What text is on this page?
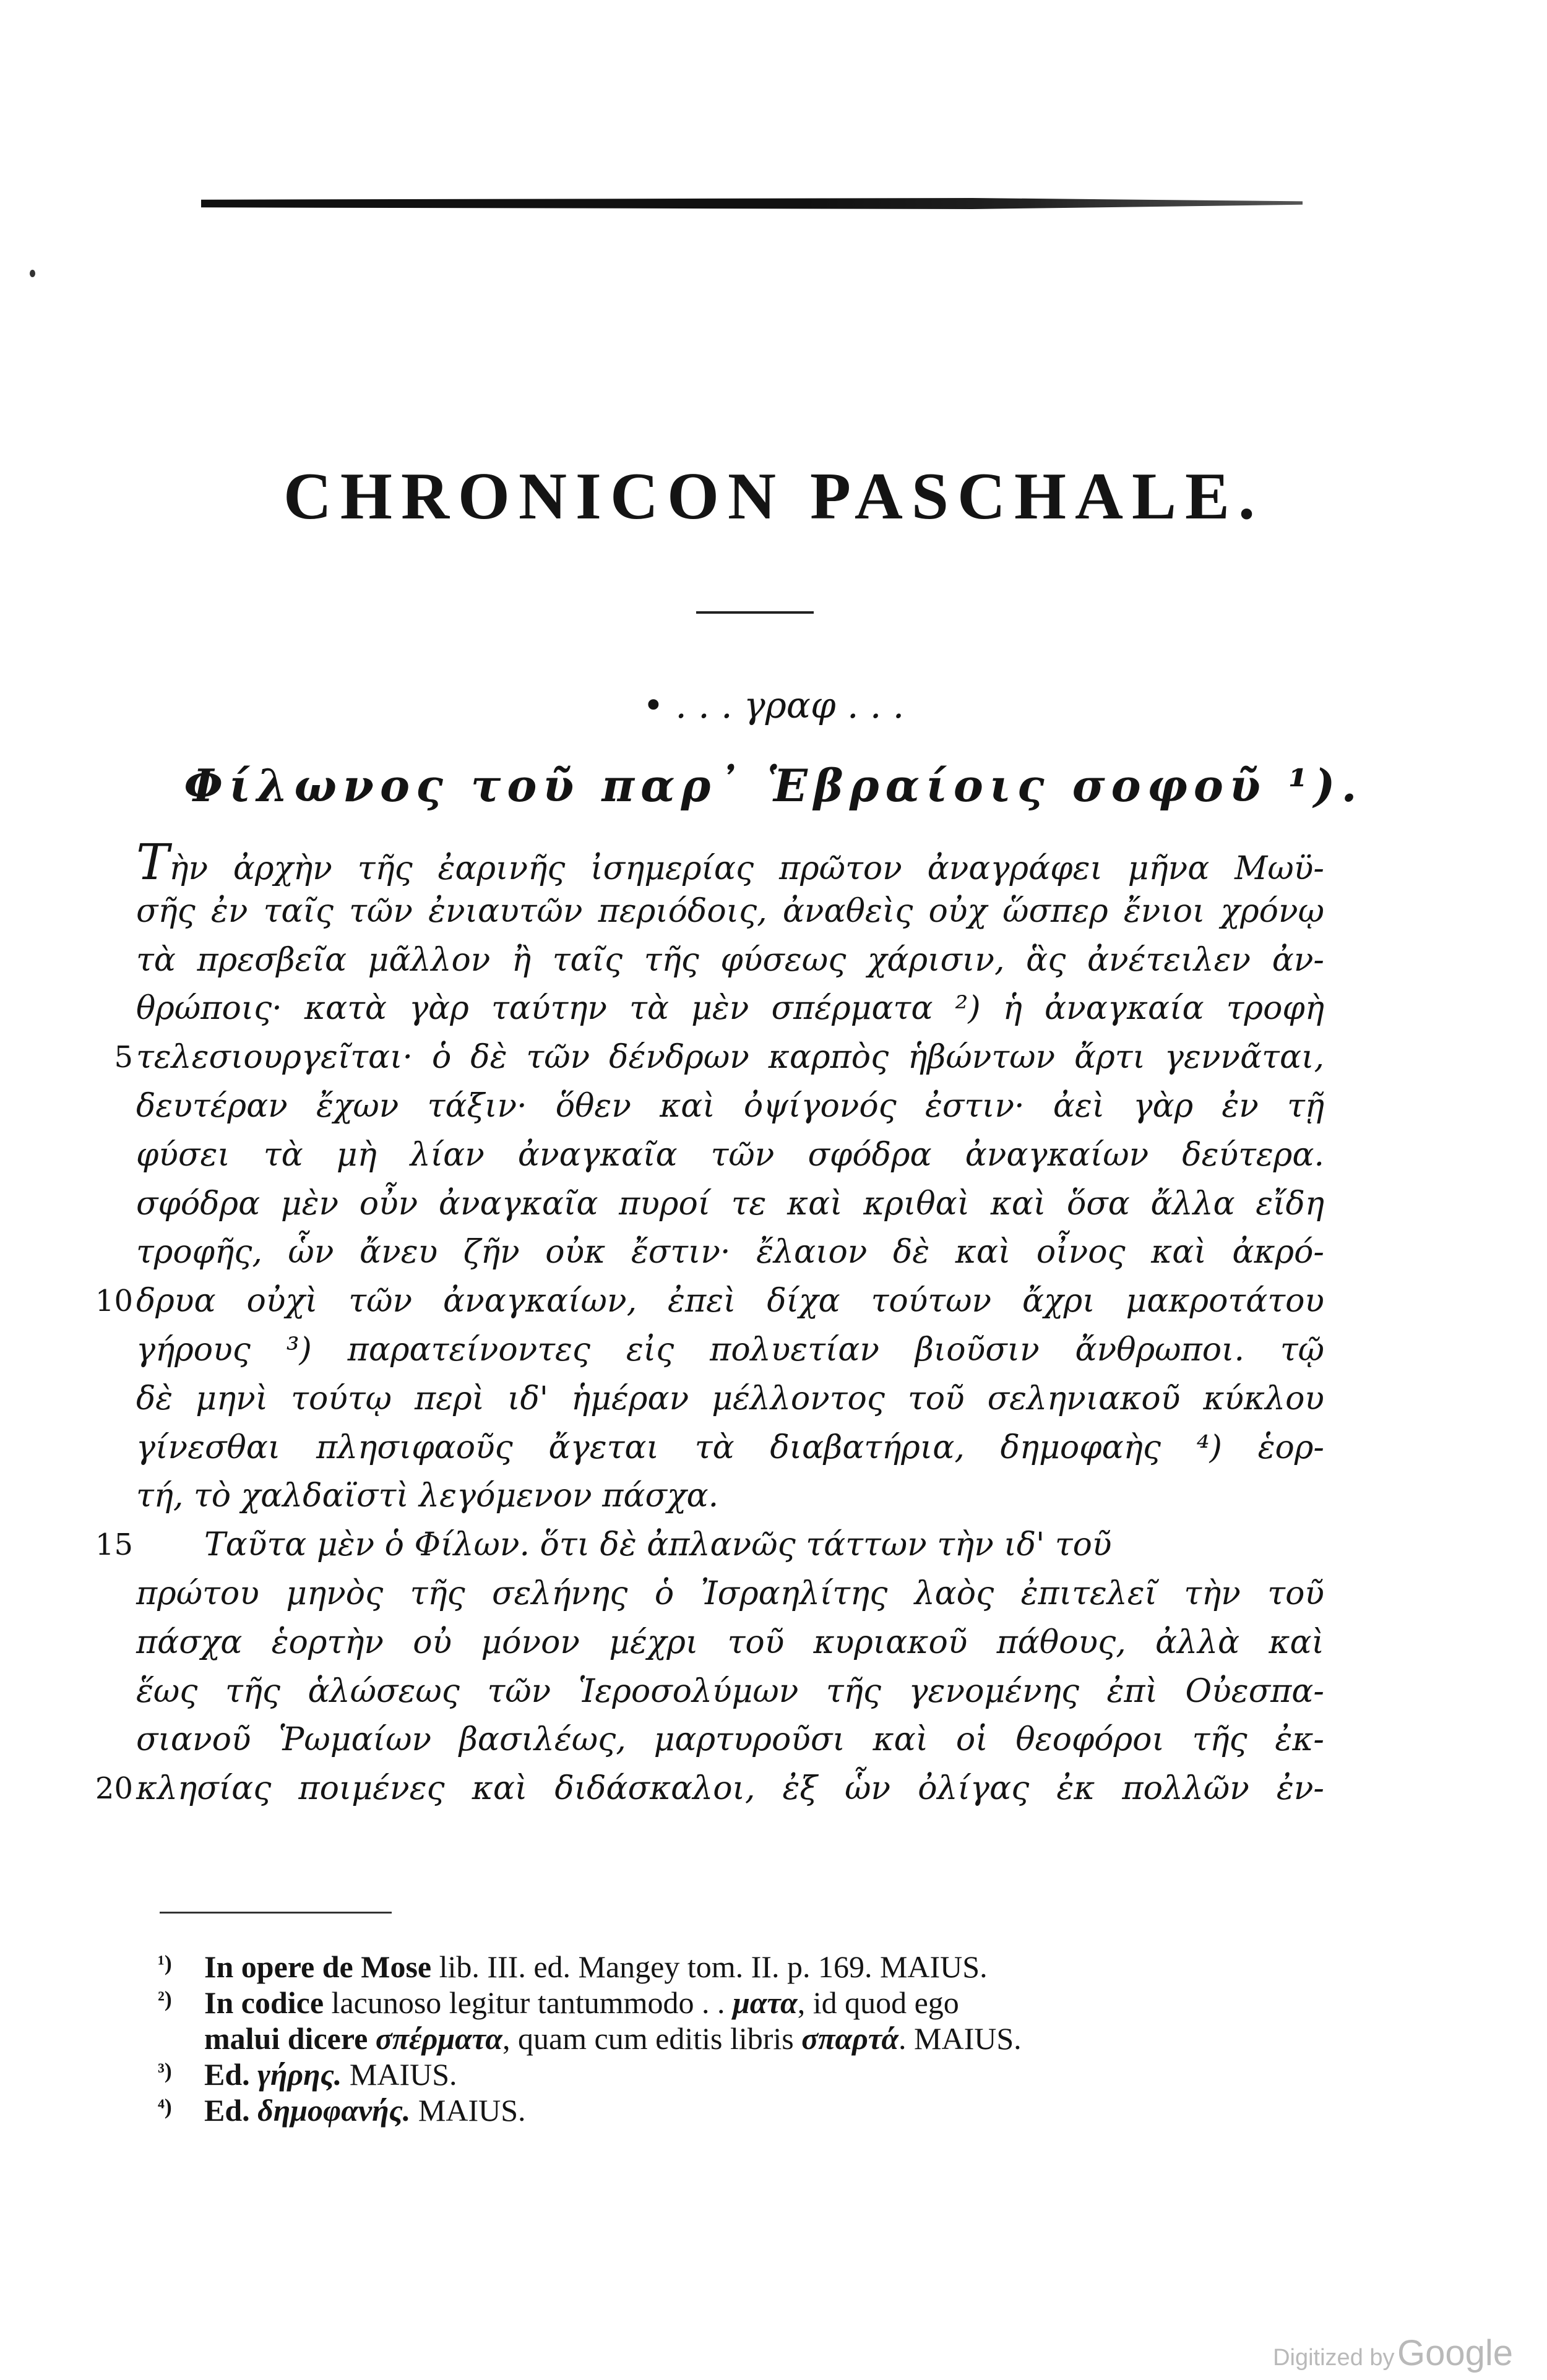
CHRONICON PASCHALE.
• . . . γραφ . . .
Φίλωνος τοῦ παρ᾽ Ἑβραίοις σοφοῦ ¹).
Τὴν ἀρχὴν τῆς ἐαρινῆς ἰσημερίας πρῶτον ἀναγράφει μῆνα Μωϋ-
σῆς ἐν ταῖς τῶν ἐνιαυτῶν περιόδοις, ἀναθεὶς οὐχ ὥσπερ ἔνιοι χρόνῳ
τὰ πρεσβεῖα μᾶλλον ἢ ταῖς τῆς φύσεως χάρισιν, ἃς ἀνέτειλεν ἀν-
θρώποις· κατὰ γὰρ ταύτην τὰ μὲν σπέρματα ²) ἡ ἀναγκαία τροφὴ
5 τελεσιουργεῖται· ὁ δὲ τῶν δένδρων καρπὸς ἡβώντων ἄρτι γεννᾶται,
δευτέραν ἔχων τάξιν· ὅθεν καὶ ὀψίγονός ἐστιν· ἀεὶ γὰρ ἐν τῇ
φύσει τὰ μὴ λίαν ἀναγκαῖα τῶν σφόδρα ἀναγκαίων δεύτερα.
σφόδρα μὲν οὖν ἀναγκαῖα πυροί τε καὶ κριθαὶ καὶ ὅσα ἄλλα εἴδη
τροφῆς, ὧν ἄνευ ζῆν οὐκ ἔστιν· ἔλαιον δὲ καὶ οἶνος καὶ ἀκρό-
10 δρυα οὐχὶ τῶν ἀναγκαίων, ἐπεὶ δίχα τούτων ἄχρι μακροτάτου
γήρους ³) παρατείνοντες εἰς πολυετίαν βιοῦσιν ἄνθρωποι. τῷ
δὲ μηνὶ τούτῳ περὶ ιδ' ἡμέραν μέλλοντος τοῦ σεληνιακοῦ κύκλου
γίνεσθαι πλησιφαοῦς ἄγεται τὰ διαβατήρια, δημοφαὴς ⁴) ἑορ-
τή, τὸ χαλδαϊστὶ λεγόμενον πάσχα.
15	Ταῦτα μὲν ὁ Φίλων. ὅτι δὲ ἀπλανῶς τάττων τὴν ιδ' τοῦ
πρώτου μηνὸς τῆς σελήνης ὁ Ἰσραηλίτης λαὸς ἐπιτελεῖ τὴν τοῦ
πάσχα ἑορτὴν οὐ μόνον μέχρι τοῦ κυριακοῦ πάθους, ἀλλὰ καὶ
ἕως τῆς ἁλώσεως τῶν Ἱεροσολύμων τῆς γενομένης ἐπὶ Οὐεσπα-
σιανοῦ Ῥωμαίων βασιλέως, μαρτυροῦσι καὶ οἱ θεοφόροι τῆς ἐκ-
20 κλησίας ποιμένες καὶ διδάσκαλοι, ἐξ ὧν ὀλίγας ἐκ πολλῶν ἐν-
¹) In opere de Mose lib. III. ed. Mangey tom. II. p. 169. MAIUS.
²) In codice lacunoso legitur tantummodo . . ματα, id quod ego
malui dicere σπέρματα, quam cum editis libris σπαρτά. MAIUS.
³) Ed. γήρης. MAIUS.
⁴) Ed. δημοφανής. MAIUS.
Digitized by Google
